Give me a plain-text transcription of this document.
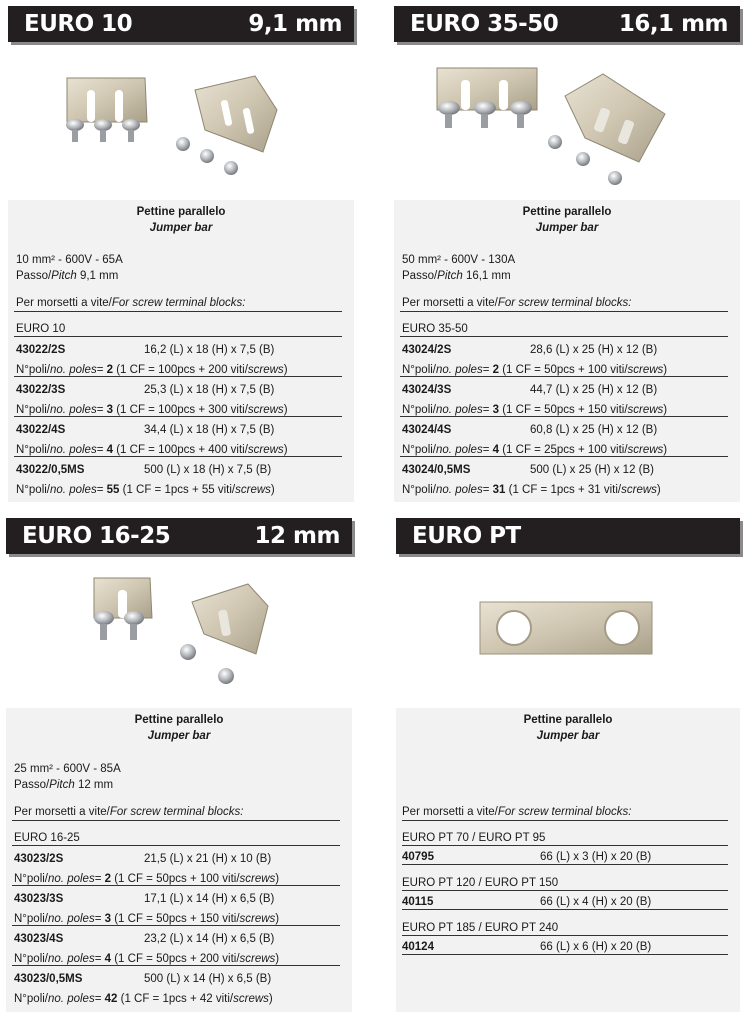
EURO 10	9,1 mm
Pettine parallelo
Jumper bar
10 mm² - 600V - 65A
Passo/Pitch 9,1 mm
Per morsetti a vite/For screw terminal blocks:
EURO 10
43022/2S	16,2 (L) x 18 (H) x 7,5 (B)
N°poli/no. poles= 2 (1 CF = 100pcs + 200 viti/screws)
43022/3S	25,3 (L) x 18 (H) x 7,5 (B)
N°poli/no. poles= 3 (1 CF = 100pcs + 300 viti/screws)
43022/4S	34,4 (L) x 18 (H) x 7,5 (B)
N°poli/no. poles= 4 (1 CF = 100pcs + 400 viti/screws)
43022/0,5MS	500 (L) x 18 (H) x 7,5 (B)
N°poli/no. poles= 55 (1 CF = 1pcs + 55 viti/screws)
EURO 35-50	16,1 mm
Pettine parallelo
Jumper bar
50 mm² - 600V - 130A
Passo/Pitch 16,1 mm
Per morsetti a vite/For screw terminal blocks:
EURO 35-50
43024/2S	28,6 (L) x 25 (H) x 12 (B)
N°poli/no. poles= 2 (1 CF = 50pcs + 100 viti/screws)
43024/3S	44,7 (L) x 25 (H) x 12 (B)
N°poli/no. poles= 3 (1 CF = 50pcs + 150 viti/screws)
43024/4S	60,8 (L) x 25 (H) x 12 (B)
N°poli/no. poles= 4 (1 CF = 25pcs + 100 viti/screws)
43024/0,5MS	500 (L) x 25 (H) x 12 (B)
N°poli/no. poles= 31 (1 CF = 1pcs + 31 viti/screws)
EURO 16-25	12 mm
Pettine parallelo
Jumper bar
25 mm² - 600V - 85A
Passo/Pitch 12 mm
Per morsetti a vite/For screw terminal blocks:
EURO 16-25
43023/2S	21,5 (L) x 21 (H) x 10 (B)
N°poli/no. poles= 2 (1 CF = 50pcs + 100 viti/screws)
43023/3S	17,1 (L) x 14 (H) x 6,5 (B)
N°poli/no. poles= 3 (1 CF = 50pcs + 150 viti/screws)
43023/4S	23,2 (L) x 14 (H) x 6,5 (B)
N°poli/no. poles= 4 (1 CF = 50pcs + 200 viti/screws)
43023/0,5MS	500 (L) x 14 (H) x 6,5 (B)
N°poli/no. poles= 42 (1 CF = 1pcs + 42 viti/screws)
EURO PT
Pettine parallelo
Jumper bar
Per morsetti a vite/For screw terminal blocks:
EURO PT 70 / EURO PT 95
40795	66 (L) x 3 (H) x 20 (B)
EURO PT 120 / EURO PT 150
40115	66 (L) x 4 (H) x 20 (B)
EURO PT 185 / EURO PT 240
40124	66 (L) x 6 (H) x 20 (B)
